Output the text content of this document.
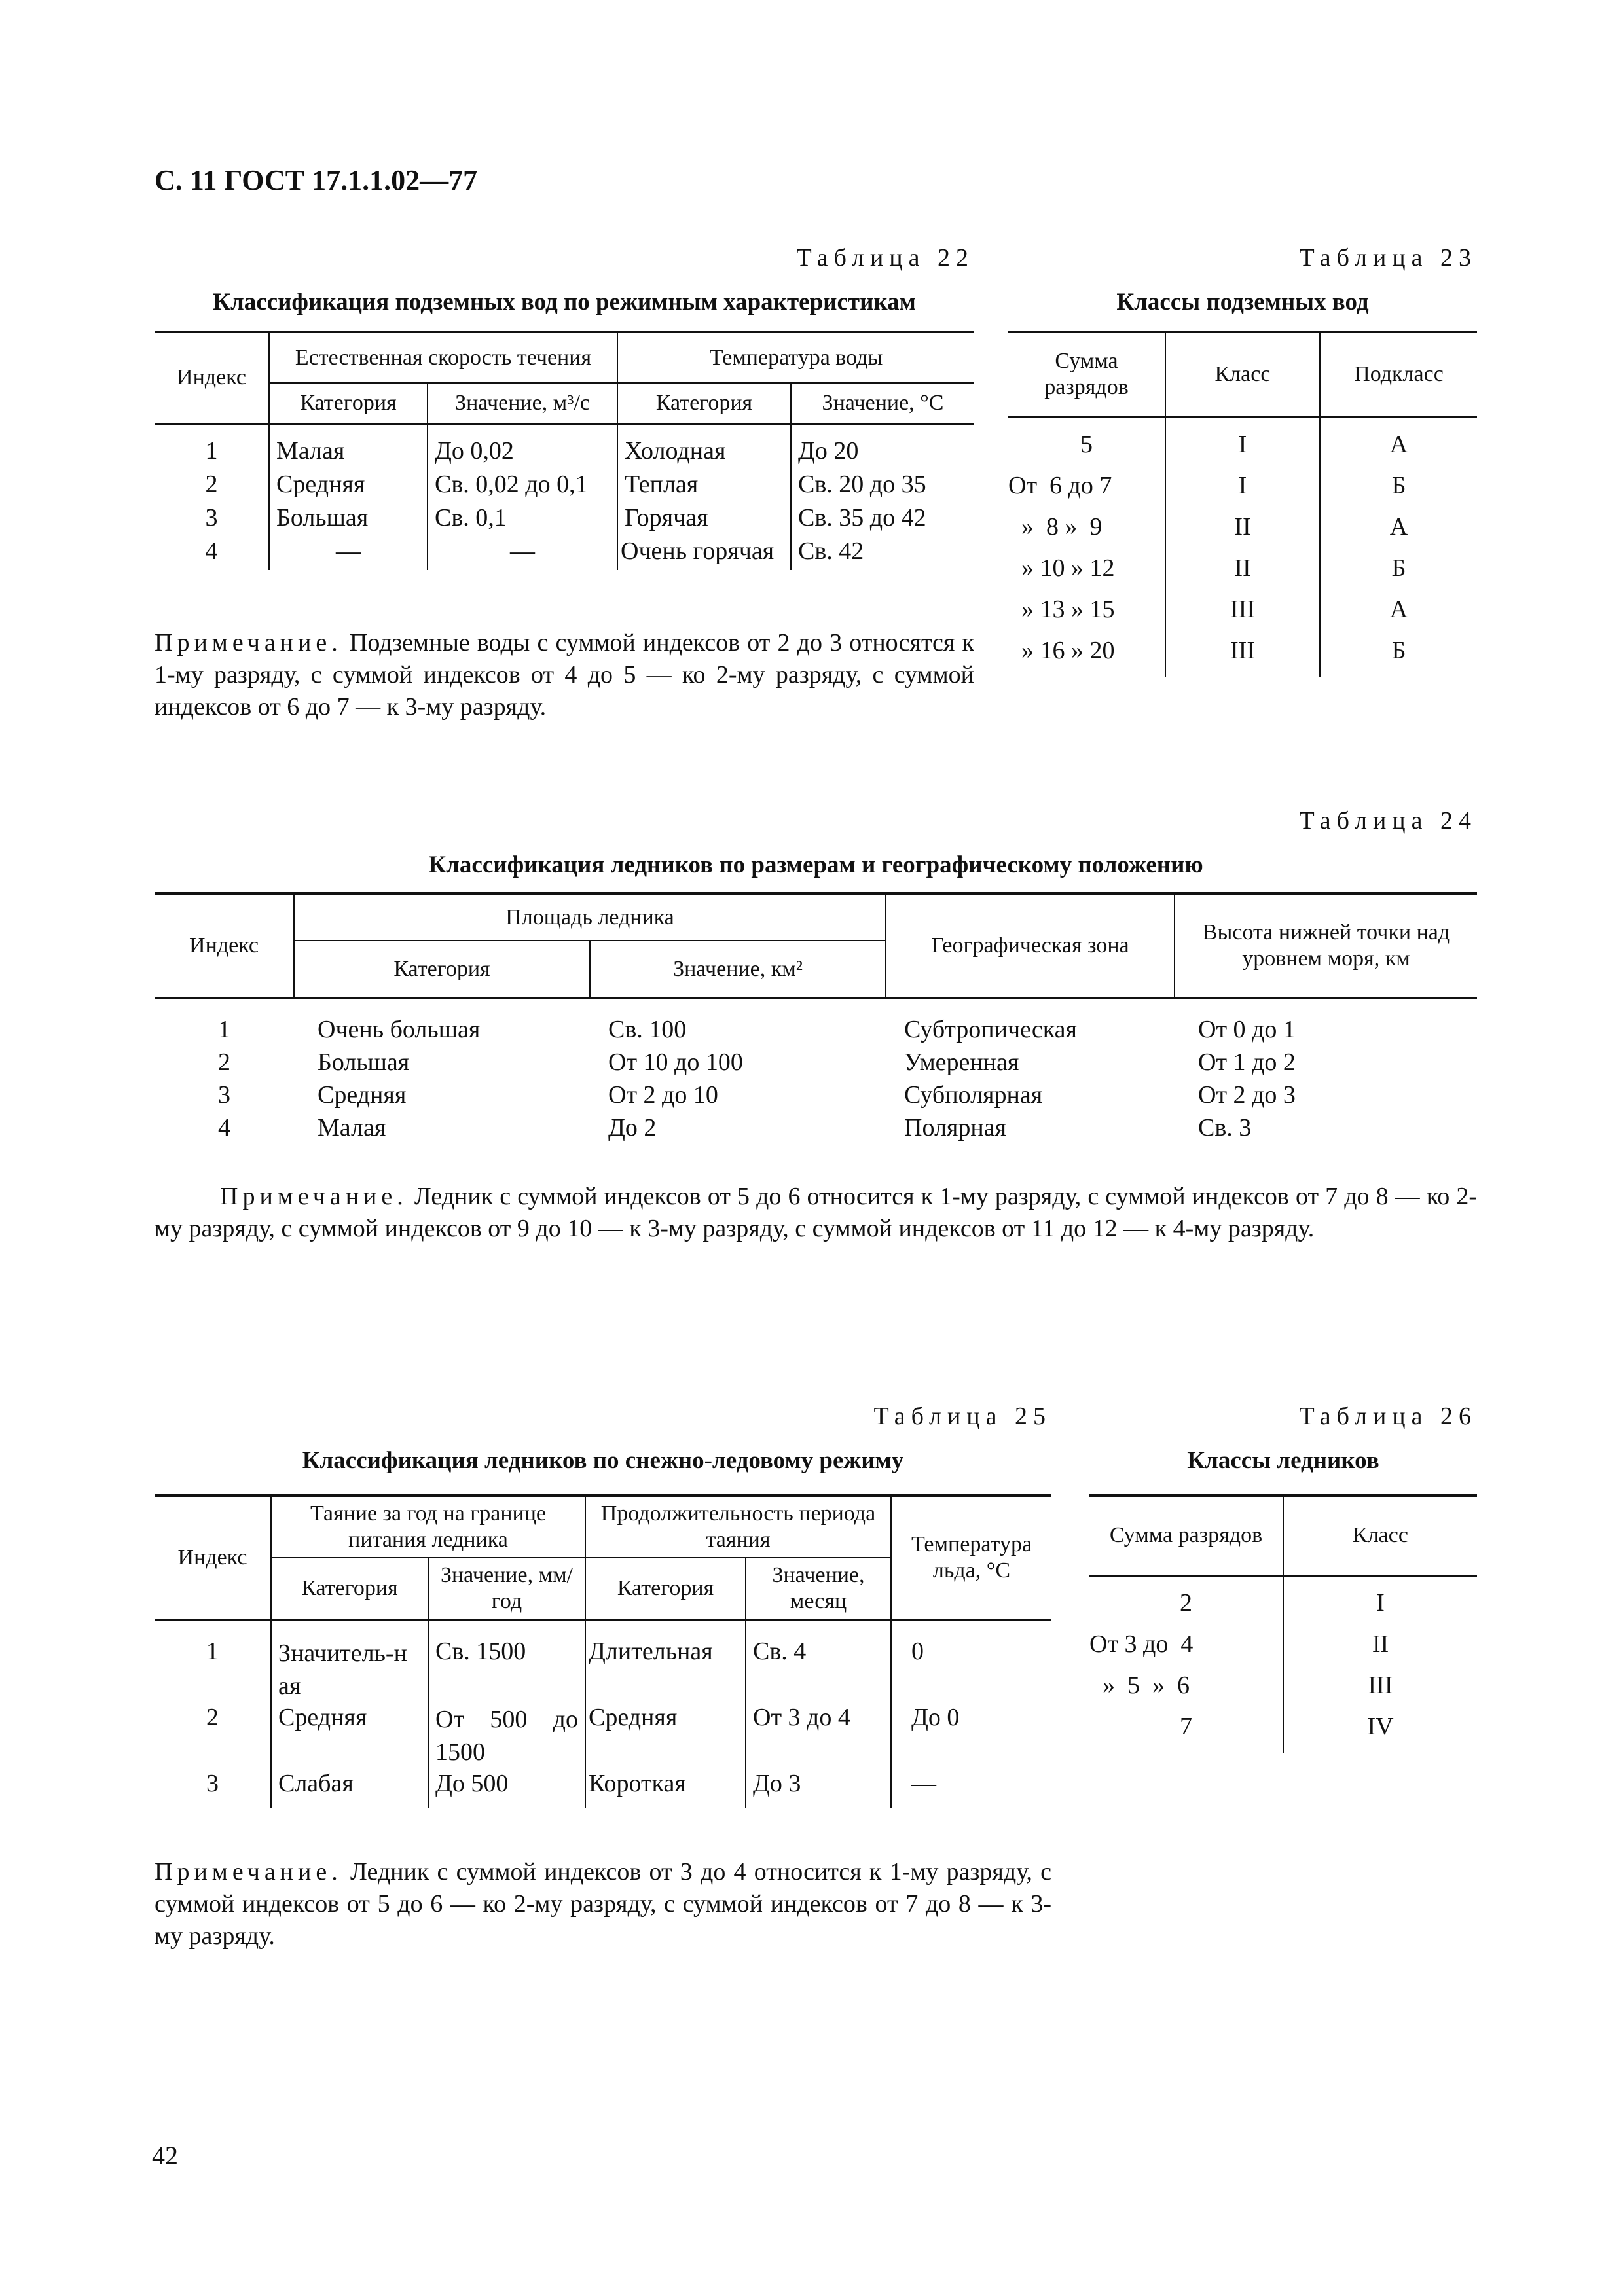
С. 11 ГОСТ 17.1.1.02—77
Таблица 22
Классификация подземных вод по режимным характеристикам
Индекс	Естественная скорость течения		Температура воды	
	Категория	Значение, м³/с	Категория	Значение, °С

1	Малая	До 0,02	Холодная	До 20
2	Средняя	Св. 0,02 до 0,1	Теплая	Св. 20 до 35
3	Большая	Св. 0,1	Горячая	Св. 35 до 42
4	—	—	Очень горячая	Св. 42
Примечание. Подземные воды с суммой индексов от 2 до 3 относятся к 1-му разряду, с суммой индексов от 4 до 5 — ко 2-му разряду, с суммой индексов от 6 до 7 — к 3-му разряду.
Таблица 23
Классы подземных вод
Сумма разрядов	Класс	Подкласс

5	I	А
От  6 до 7	I	Б
»  8 »  9	II	А
» 10 » 12	II	Б
» 13 » 15	III	А
» 16 » 20	III	Б
Таблица 24
Классификация ледников по размерам и географическому положению
Индекс	Площадь ледника		Географическая зона	Высота нижней точки над уровнем моря, км
	Категория	Значение, км²		

1	Очень большая	Св. 100	Субтропическая	От 0 до 1
2	Большая	От 10 до 100	Умеренная	От 1 до 2
3	Средняя	От 2 до 10	Субполярная	От 2 до 3
4	Малая	До 2	Полярная	Св. 3
Примечание. Ледник с суммой индексов от 5 до 6 относится к 1-му разряду, с суммой индексов от 7 до 8 — ко 2-му разряду, с суммой индексов от 9 до 10 — к 3-му разряду, с суммой индексов от 11 до 12 — к 4-му разряду.
Таблица 25
Классификация ледников по снежно-ледовому режиму
Индекс	Таяние за год на границе питания ледника		Продолжительность периода таяния		Температура льда, °С
	Категория	Значение, мм/год	Категория	Значение, месяц	

1	Значитель-ная	Св. 1500	Длительная	Св. 4	0
2	Средняя	От 500 до 1500	Средняя	От 3 до 4	До 0
3	Слабая	До 500	Короткая	До 3	—
Примечание. Ледник с суммой индексов от 3 до 4 относится к 1-му разряду, с суммой индексов от 5 до 6 — ко 2-му разряду, с суммой индексов от 7 до 8 — к 3-му разряду.
Таблица 26
Классы ледников
Сумма разрядов	Класс

2	I
От 3 до  4	II
»  5  »  6	III
7	IV
42
